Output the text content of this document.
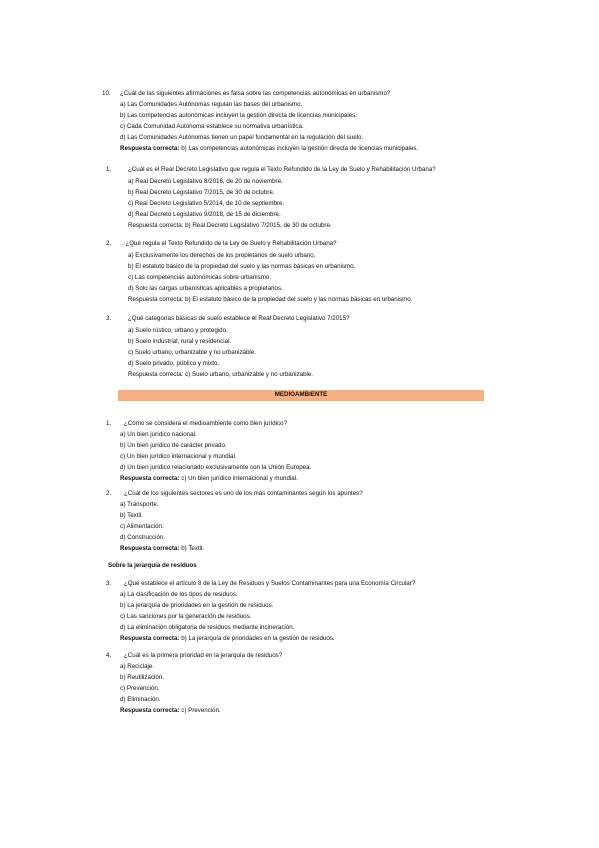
10.	¿Cuál de las siguientes afirmaciones es falsa sobre las competencias autonómicas en urbanismo?
a) Las Comunidades Autónomas regulan las bases del urbanismo.
b) Las competencias autonómicas incluyen la gestión directa de licencias municipales.
c) Cada Comunidad Autónoma establece su normativa urbanística.
d) Las Comunidades Autónomas tienen un papel fundamental en la regulación del suelo.
Respuesta correcta: b) Las competencias autonómicas incluyen la gestión directa de licencias municipales.
1.	¿Cuál es el Real Decreto Legislativo que regula el Texto Refundido de la Ley de Suelo y Rehabilitación Urbana?
a) Real Decreto Legislativo 8/2016, de 20 de noviembre.
b) Real Decreto Legislativo 7/2015, de 30 de octubre.
c) Real Decreto Legislativo 5/2014, de 10 de septiembre.
d) Real Decreto Legislativo 9/2018, de 15 de diciembre.
Respuesta correcta: b) Real Decreto Legislativo 7/2015, de 30 de octubre.
2.	. ¿Qué regula el Texto Refundido de la Ley de Suelo y Rehabilitación Urbana?
a) Exclusivamente los derechos de los propietarios de suelo urbano.
b) El estatuto básico de la propiedad del suelo y las normas básicas en urbanismo.
c) Las competencias autonómicas sobre urbanismo.
d) Solo las cargas urbanísticas aplicables a propietarios.
Respuesta correcta: b) El estatuto básico de la propiedad del suelo y las normas básicas en urbanismo.
3.	¿Qué categorías básicas de suelo establece el Real Decreto Legislativo 7/2015?
a) Suelo rústico, urbano y protegido.
b) Suelo industrial, rural y residencial.
c) Suelo urbano, urbanizable y no urbanizable.
d) Suelo privado, público y mixto.
Respuesta correcta: c) Suelo urbano, urbanizable y no urbanizable.
MEDIOAMBIENTE
1.	¿Cómo se considera el medioambiente como bien jurídico?
a) Un bien jurídico nacional.
b) Un bien jurídico de carácter privado.
c) Un bien jurídico internacional y mundial.
d) Un bien jurídico relacionado exclusivamente con la Unión Europea.
Respuesta correcta: c) Un bien jurídico internacional y mundial.
2.	¿Cuál de los siguientes sectores es uno de los más contaminantes según los apuntes?
a) Transporte.
b) Textil.
c) Alimentación.
d) Construcción.
Respuesta correcta: b) Textil.
Sobre la jerarquía de residuos
3.	¿Qué establece el artículo 8 de la Ley de Residuos y Suelos Contaminantes para una Economía Circular?
a) La clasificación de los tipos de residuos.
b) La jerarquía de prioridades en la gestión de residuos.
c) Las sanciones por la generación de residuos.
d) La eliminación obligatoria de residuos mediante incineración.
Respuesta correcta: b) La jerarquía de prioridades en la gestión de residuos.
4.	¿Cuál es la primera prioridad en la jerarquía de residuos?
a) Reciclaje.
b) Reutilización.
c) Prevención.
d) Eliminación.
Respuesta correcta: c) Prevención.
